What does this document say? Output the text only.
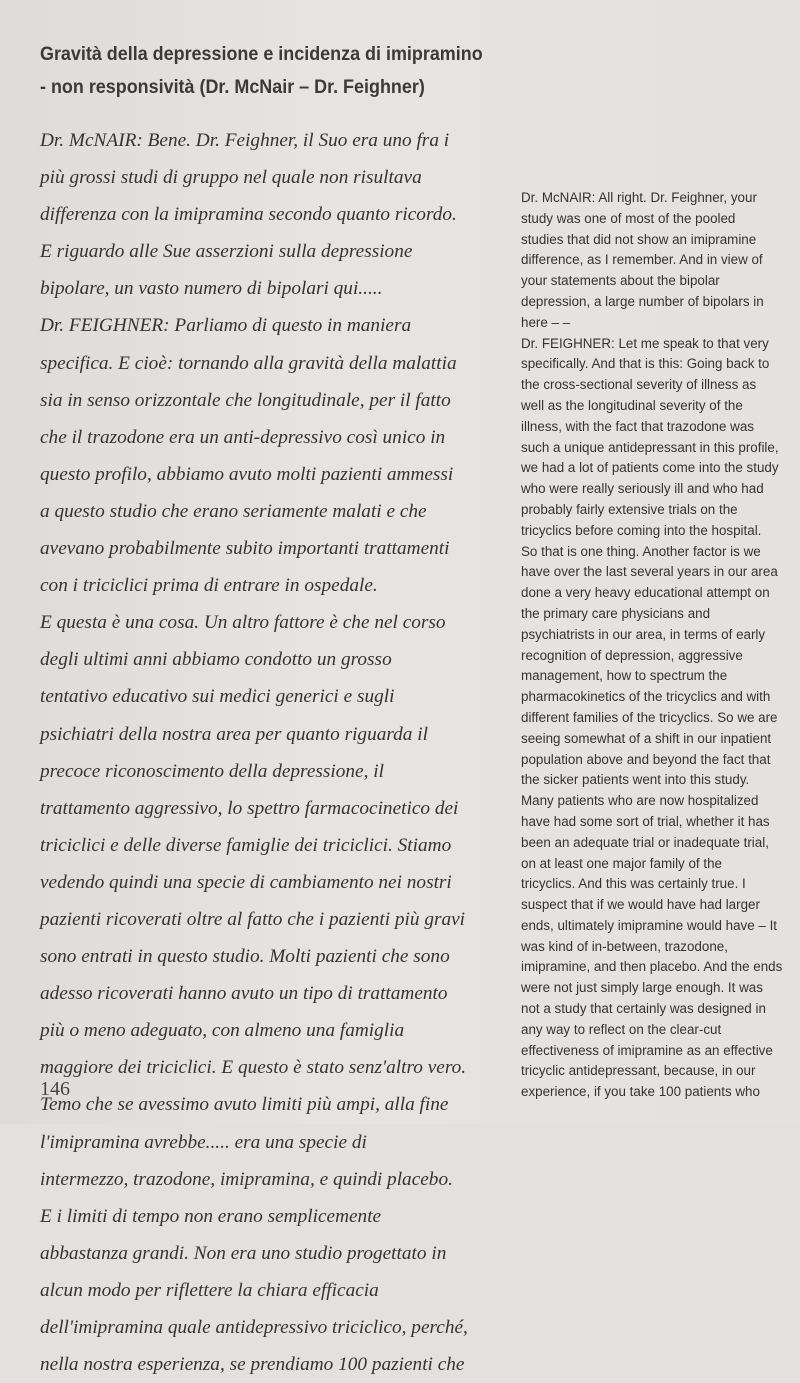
Gravità della depressione e incidenza di imipramino
- non responsività (Dr. McNair – Dr. Feighner)
Dr. McNAIR: Bene. Dr. Feighner, il Suo era uno fra i
più grossi studi di gruppo nel quale non risultava
differenza con la imipramina secondo quanto ricordo.
E riguardo alle Sue asserzioni sulla depressione
bipolare, un vasto numero di bipolari qui.....
Dr. FEIGHNER: Parliamo di questo in maniera
specifica. E cioè: tornando alla gravità della malattia
sia in senso orizzontale che longitudinale, per il fatto
che il trazodone era un anti-depressivo così unico in
questo profilo, abbiamo avuto molti pazienti ammessi
a questo studio che erano seriamente malati e che
avevano probabilmente subito importanti trattamenti
con i triciclici prima di entrare in ospedale.
E questa è una cosa. Un altro fattore è che nel corso
degli ultimi anni abbiamo condotto un grosso
tentativo educativo sui medici generici e sugli
psichiatri della nostra area per quanto riguarda il
precoce riconoscimento della depressione, il
trattamento aggressivo, lo spettro farmacocinetico dei
triciclici e delle diverse famiglie dei triciclici. Stiamo
vedendo quindi una specie di cambiamento nei nostri
pazienti ricoverati oltre al fatto che i pazienti più gravi
sono entrati in questo studio. Molti pazienti che sono
adesso ricoverati hanno avuto un tipo di trattamento
più o meno adeguato, con almeno una famiglia
maggiore dei triciclici. E questo è stato senz'altro vero.
Temo che se avessimo avuto limiti più ampi, alla fine
l'imipramina avrebbe..... era una specie di
intermezzo, trazodone, imipramina, e quindi placebo.
E i limiti di tempo non erano semplicemente
abbastanza grandi. Non era uno studio progettato in
alcun modo per riflettere la chiara efficacia
dell'imipramina quale antidepressivo triciclico, perché,
nella nostra esperienza, se prendiamo 100 pazienti che
Dr. McNAIR: All right. Dr. Feighner, your
study was one of most of the pooled
studies that did not show an imipramine
difference, as I remember. And in view of
your statements about the bipolar
depression, a large number of bipolars in
here – –
Dr. FEIGHNER: Let me speak to that very
specifically. And that is this: Going back to
the cross-sectional severity of illness as
well as the longitudinal severity of the
illness, with the fact that trazodone was
such a unique antidepressant in this profile,
we had a lot of patients come into the study
who were really seriously ill and who had
probably fairly extensive trials on the
tricyclics before coming into the hospital.
So that is one thing. Another factor is we
have over the last several years in our area
done a very heavy educational attempt on
the primary care physicians and
psychiatrists in our area, in terms of early
recognition of depression, aggressive
management, how to spectrum the
pharmacokinetics of the tricyclics and with
different families of the tricyclics. So we are
seeing somewhat of a shift in our inpatient
population above and beyond the fact that
the sicker patients went into this study.
Many patients who are now hospitalized
have had some sort of trial, whether it has
been an adequate trial or inadequate trial,
on at least one major family of the
tricyclics. And this was certainly true. I
suspect that if we would have had larger
ends, ultimately imipramine would have – It
was kind of in-between, trazodone,
imipramine, and then placebo. And the ends
were not just simply large enough. It was
not a study that certainly was designed in
any way to reflect on the clear-cut
effectiveness of imipramine as an effective
tricyclic antidepressant, because, in our
experience, if you take 100 patients who
146
